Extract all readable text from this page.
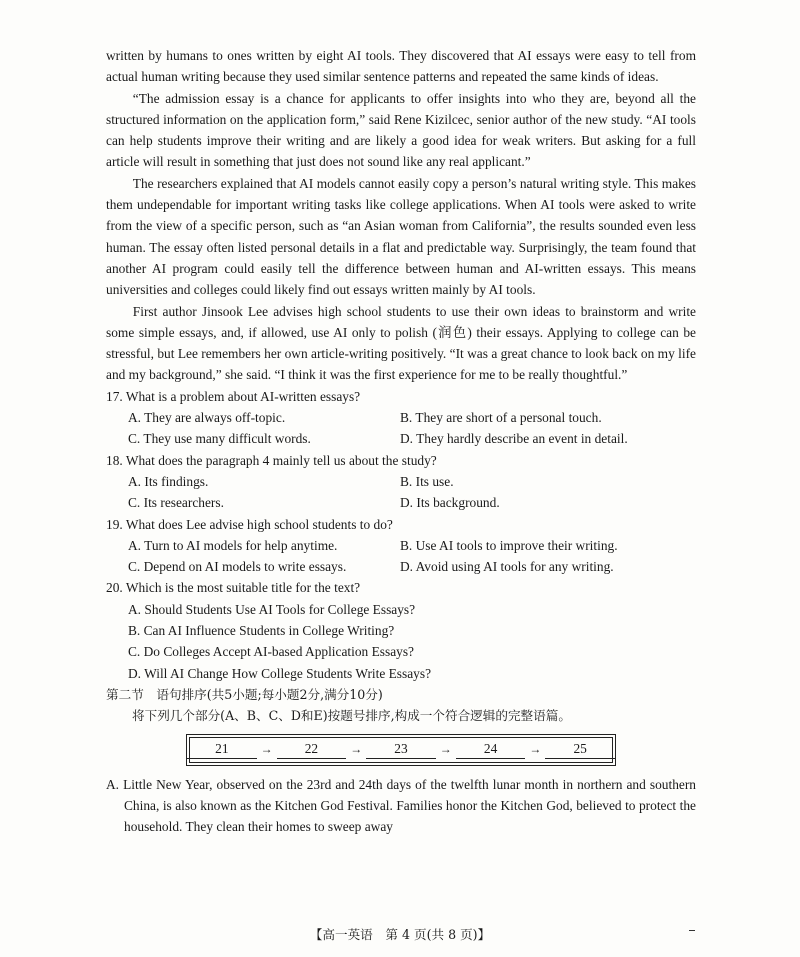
written by humans to ones written by eight AI tools. They discovered that AI essays were easy to tell from actual human writing because they used similar sentence patterns and repeated the same kinds of ideas.

“The admission essay is a chance for applicants to offer insights into who they are, beyond all the structured information on the application form,” said Rene Kizilcec, senior author of the new study. “AI tools can help students improve their writing and are likely a good idea for weak writers. But asking for a full article will result in something that just does not sound like any real applicant.”

The researchers explained that AI models cannot easily copy a person’s natural writing style. This makes them undependable for important writing tasks like college applications. When AI tools were asked to write from the view of a specific person, such as “an Asian woman from California”, the results sounded even less human. The essay often listed personal details in a flat and predictable way. Surprisingly, the team found that another AI program could easily tell the difference between human and AI-written essays. This means universities and colleges could likely find out essays written mainly by AI tools.

First author Jinsook Lee advises high school students to use their own ideas to brainstorm and write some simple essays, and, if allowed, use AI only to polish (润色) their essays. Applying to college can be stressful, but Lee remembers her own article-writing positively. “It was a great chance to look back on my life and my background,” she said. “I think it was the first experience for me to be really thoughtful.”

17. What is a problem about AI-written essays?
A. They are always off-topic.	B. They are short of a personal touch.
C. They use many difficult words.	D. They hardly describe an event in detail.
18. What does the paragraph 4 mainly tell us about the study?
A. Its findings.	B. Its use.
C. Its researchers.	D. Its background.
19. What does Lee advise high school students to do?
A. Turn to AI models for help anytime.	B. Use AI tools to improve their writing.
C. Depend on AI models to write essays.	D. Avoid using AI tools for any writing.
20. Which is the most suitable title for the text?
A. Should Students Use AI Tools for College Essays?
B. Can AI Influence Students in College Writing?
C. Do Colleges Accept AI-based Application Essays?
D. Will AI Change How College Students Write Essays?
第二节　语句排序(共5小题;每小题2分,满分10分)
将下列几个部分(A、B、C、D和E)按题号排序,构成一个符合逻辑的完整语篇。
21	→	22	→	23	→	24	→	25

A. Little New Year, observed on the 23rd and 24th days of the twelfth lunar month in northern and southern China, is also known as the Kitchen God Festival. Families honor the Kitchen God, believed to protect the household. They clean their homes to sweep away

【高一英语　第 4 页(共 8 页)】
